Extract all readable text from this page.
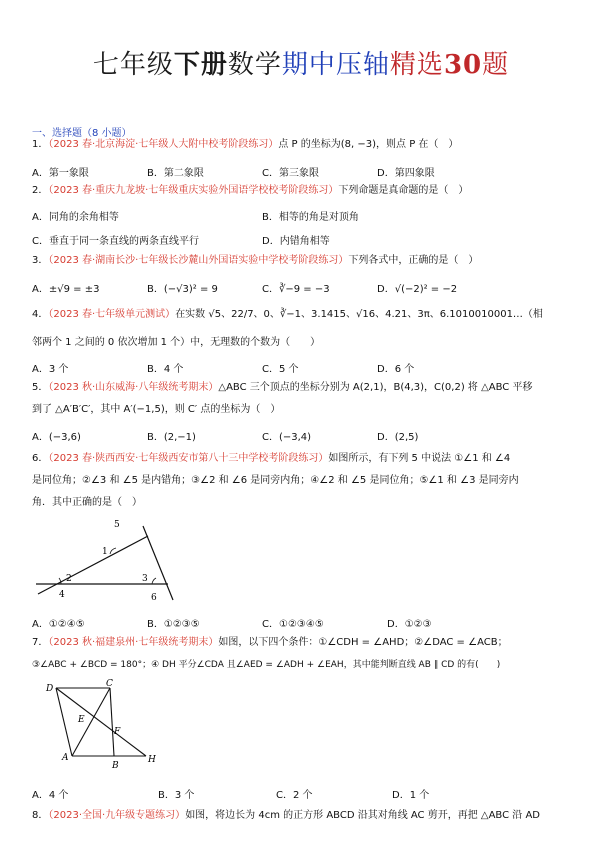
七年级下册数学期中压轴精选30题
一、选择题（8 小题）
1．（2023 春·北京海淀·七年级人大附中校考阶段练习）点 P 的坐标为(8, −3)，则点 P 在（　）
A．第一象限	B．第二象限	C．第三象限	D．第四象限
2．（2023 春·重庆九龙坡·七年级重庆实验外国语学校校考阶段练习）下列命题是真命题的是（　）
A．同角的余角相等	B．相等的角是对顶角
C．垂直于同一条直线的两条直线平行	D．内错角相等
3．（2023 春·湖南长沙·七年级长沙麓山外国语实验中学校考阶段练习）下列各式中，正确的是（　）
A．±√9 = ±3	B．(−√3)² = 9	C．∛−9 = −3	D．√(−2)² = −2
4．（2023 春·七年级单元测试）在实数 √5、22/7、0、∛−1、3.1415、√16、4.21、3π、6.1010010001…（相
邻两个 1 之间的 0 依次增加 1 个）中，无理数的个数为（　　）
A．3 个	B．4 个	C．5 个	D．6 个
5．（2023 秋·山东威海·八年级统考期末）△ABC 三个顶点的坐标分别为 A(2,1)，B(4,3)，C(0,2) 将 △ABC 平移
到了 △A′B′C′，其中 A′(−1,5)，则 C′ 点的坐标为（　）
A．(−3,6)	B．(2,−1)	C．(−3,4)	D．(2,5)
6．（2023 春·陕西西安·七年级西安市第八十三中学校考阶段练习）如图所示，有下列 5 中说法 ①∠1 和 ∠4
是同位角；②∠3 和 ∠5 是内错角；③∠2 和 ∠6 是同旁内角；④∠2 和 ∠5 是同位角；⑤∠1 和 ∠3 是同旁内
角．其中正确的是（　）
5
1
2	3
4	6
A．①②④⑤	B．①②③⑤	C．①②③④⑤	D．①②③
7．（2023 秋·福建泉州·七年级统考期末）如图，以下四个条件：①∠CDH = ∠AHD；②∠DAC = ∠ACB；
③∠ABC + ∠BCD = 180°；④ DH 平分∠CDA 且∠AED = ∠ADH + ∠EAH，其中能判断直线 AB ∥ CD 的有(　　)
D	C
E
F
A
B
H
A．4 个	B．3 个	C．2 个	D．1 个
8．（2023·全国·九年级专题练习）如图，将边长为 4cm 的正方形 ABCD 沿其对角线 AC 剪开，再把 △ABC 沿 AD
